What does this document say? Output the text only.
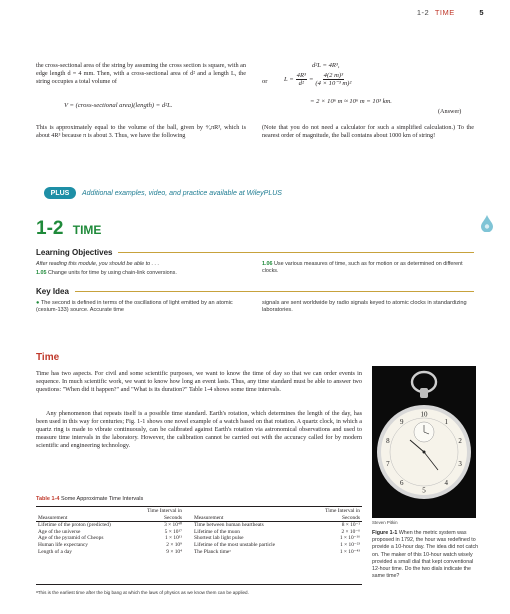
1-2 TIME	5
the cross-sectional area of the string by assuming the cross section is square, with an edge length d = 4 mm. Then, with a cross-sectional area of d² and a length L, the string occupies a total volume of
V = (cross-sectional area)(length) = d²L.
This is approximately equal to the volume of the ball, given by ⁴⁄₃πR³, which is about 4R³ because π is about 3. Thus, we have the following
d²L = 4R³,
or	$L = \frac{\text{4R³}}{\text{d²}} = \frac{\text{4(2 m)³}}{\text{(4 × 10⁻³ m)²}}$
= 2 × 10⁶ m ≈ 10⁶ m = 10³ km.
(Answer)
(Note that you do not need a calculator for such a simplified calculation.) To the nearest order of magnitude, the ball contains about 1000 km of string!
PLUS	Additional examples, video, and practice available at WileyPLUS
1-2 TIME
Learning Objectives
After reading this module, you should be able to . . .
1.05 Change units for time by using chain-link conversions.
1.06 Use various measures of time, such as for motion or as determined on different clocks.
Key Idea
● The second is defined in terms of the oscillations of light emitted by an atomic (cesium-133) source. Accurate time
signals are sent worldwide by radio signals keyed to atomic clocks in standardizing laboratories.
Time
Time has two aspects. For civil and some scientific purposes, we want to know the time of day so that we can order events in sequence. In much scientific work, we want to know how long an event lasts. Thus, any time standard must be able to answer two questions: "When did it happen?" and "What is its duration?" Table 1-4 shows some time intervals.
Any phenomenon that repeats itself is a possible time standard. Earth's rotation, which determines the length of the day, has been used in this way for centuries; Fig. 1-1 shows one novel example of a watch based on that rotation. A quartz clock, in which a quartz ring is made to vibrate continuously, can be calibrated against Earth's rotation via astronomical observations and used to measure time intervals in the laboratory. However, the calibration cannot be carried out with the accuracy called for by modern scientific and engineering technology.
Table 1-4 Some Approximate Time Intervals
Measurement	Time Interval in Seconds	Measurement	Time Interval in Seconds
Lifetime of the proton (predicted)	3 × 10⁴⁰	Time between human heartbeats	8 × 10⁻¹
Age of the universe	5 × 10¹⁷	Lifetime of the muon	2 × 10⁻⁶
Age of the pyramid of Cheops	1 × 10¹¹	Shortest lab light pulse	1 × 10⁻¹⁶
Human life expectancy	2 × 10⁹	Lifetime of the most unstable particle	1 × 10⁻²³
Length of a day	9 × 10⁴	The Planck timeᵃ	1 × 10⁻⁴³
ᵃThis is the earliest time after the big bang at which the laws of physics as we know them can be applied.
10
1
2
3
4
5
6
7
8
9
Steven Pitkin
Figure 1-1 When the metric system was proposed in 1792, the hour was redefined to provide a 10-hour day. The idea did not catch on. The maker of this 10-hour watch wisely provided a small dial that kept conventional 12-hour time. Do the two dials indicate the same time?
